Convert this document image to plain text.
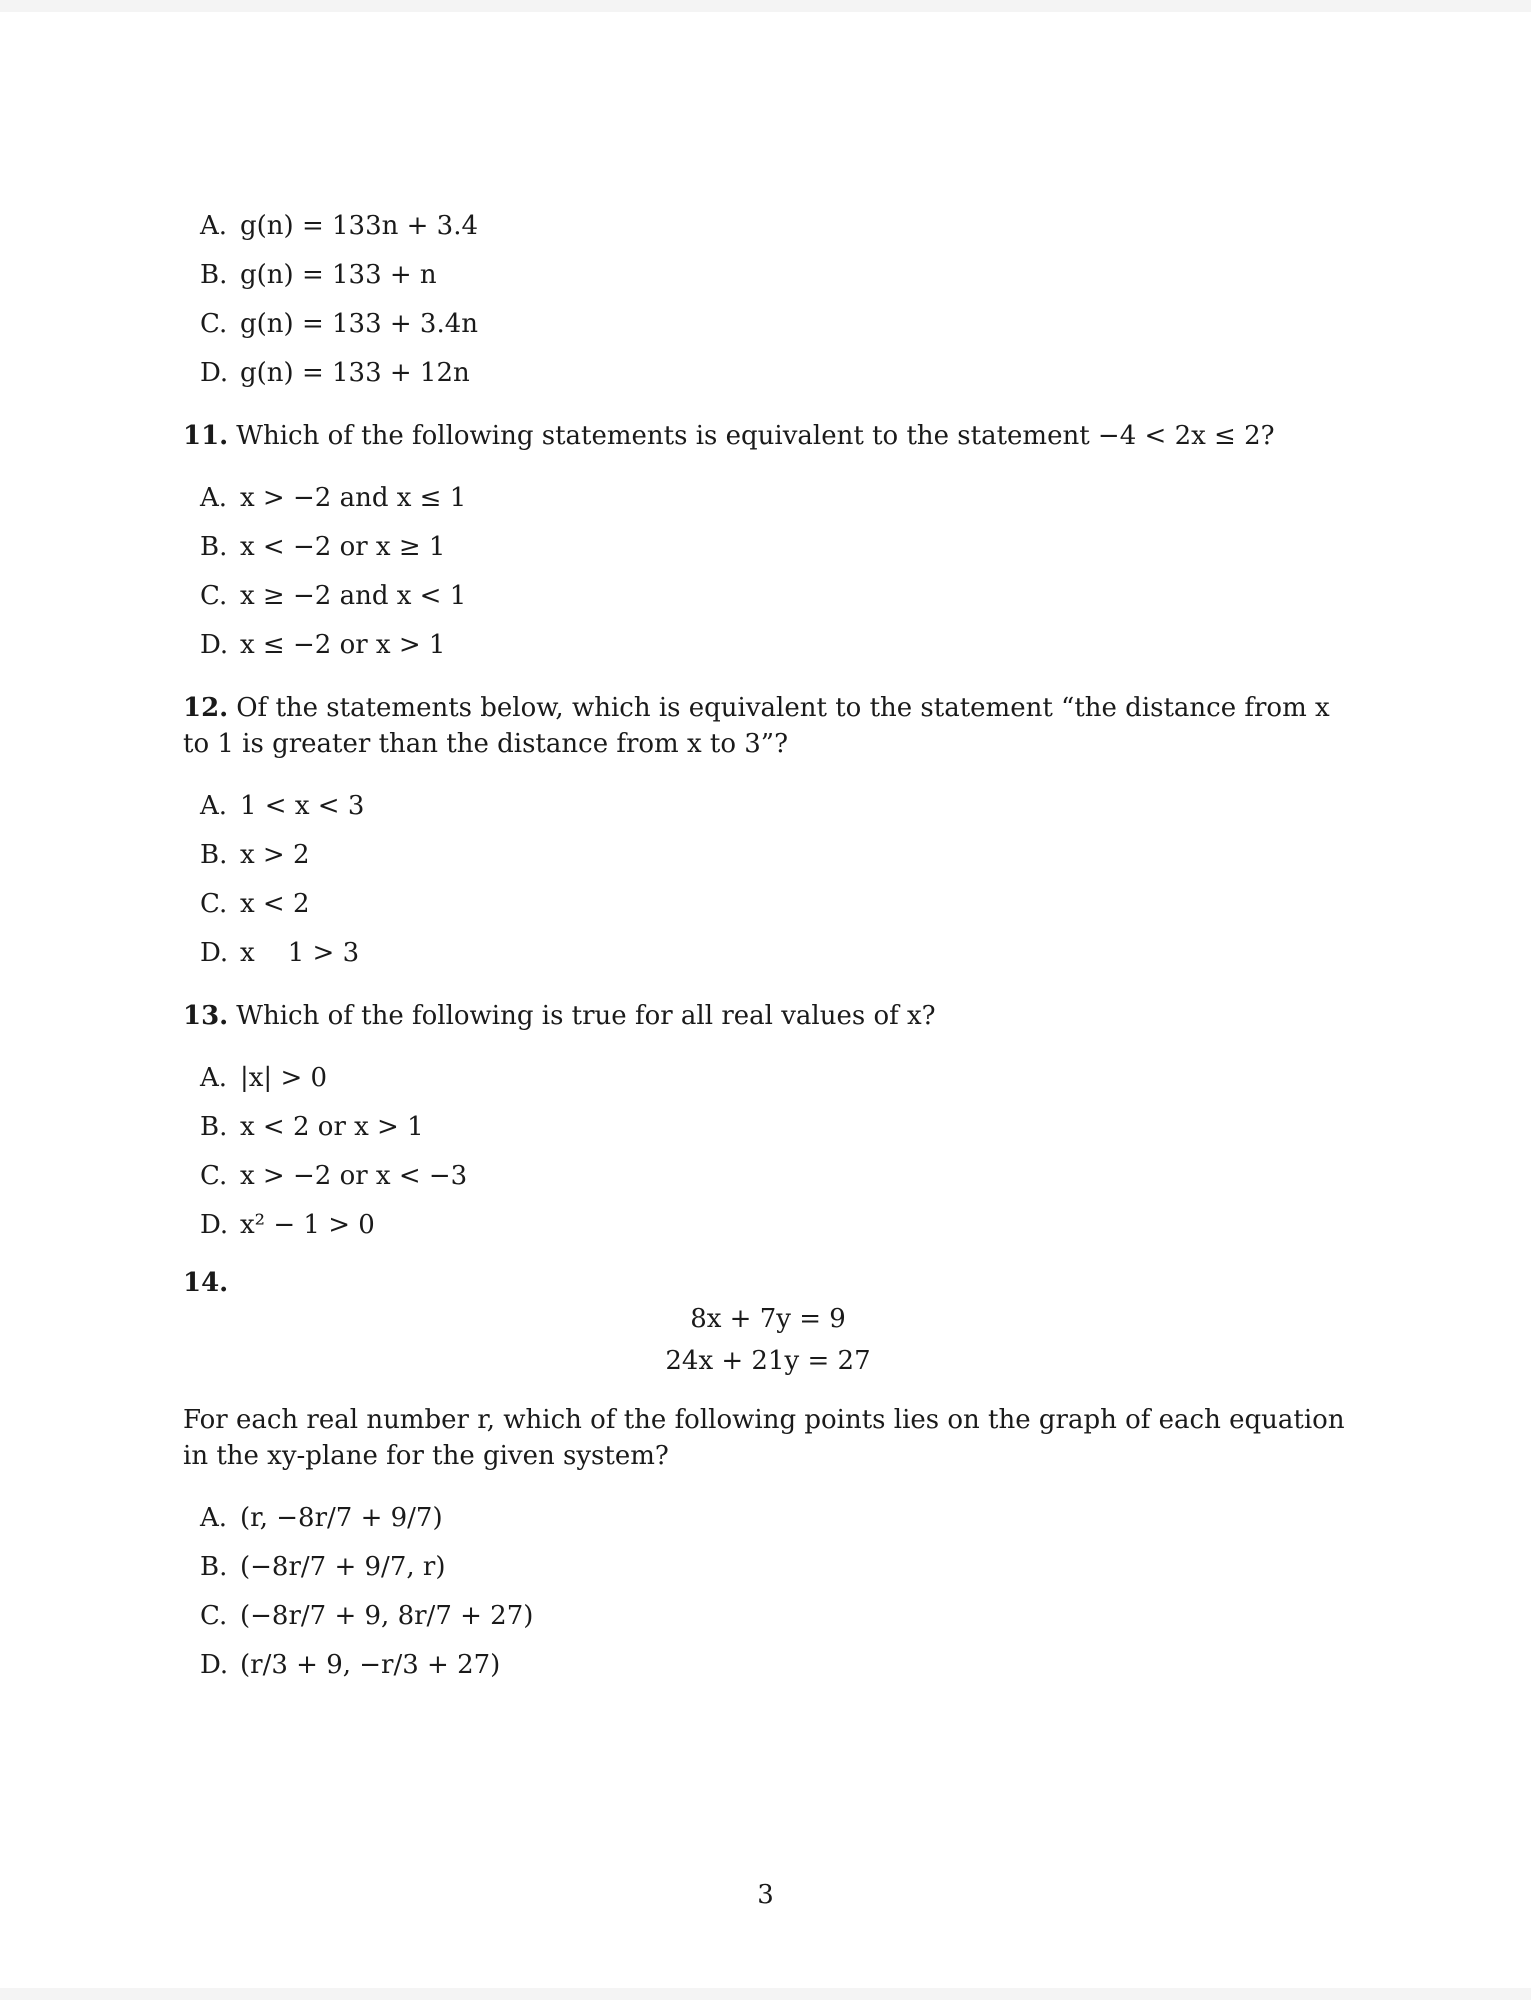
A. g(n) = 133n + 3.4
B. g(n) = 133 + n
C. g(n) = 133 + 3.4n
D. g(n) = 133 + 12n
11. Which of the following statements is equivalent to the statement −4 < 2x ≤ 2?
A. x > −2 and x ≤ 1
B. x < −2 or x ≥ 1
C. x ≥ −2 and x < 1
D. x ≤ −2 or x > 1
12. Of the statements below, which is equivalent to the statement “the distance from x to 1 is greater than the distance from x to 3”?
A. 1 < x < 3
B. x > 2
C. x < 2
D. x    1 > 3
13. Which of the following is true for all real values of x?
A. |x| > 0
B. x < 2 or x > 1
C. x > −2 or x < −3
D. x² − 1 > 0
14.
8x + 7y = 9
24x + 21y = 27
For each real number r, which of the following points lies on the graph of each equation in the xy-plane for the given system?
A. (r, −8r/7 + 9/7)
B. (−8r/7 + 9/7, r)
C. (−8r/7 + 9, 8r/7 + 27)
D. (r/3 + 9, −r/3 + 27)
3
